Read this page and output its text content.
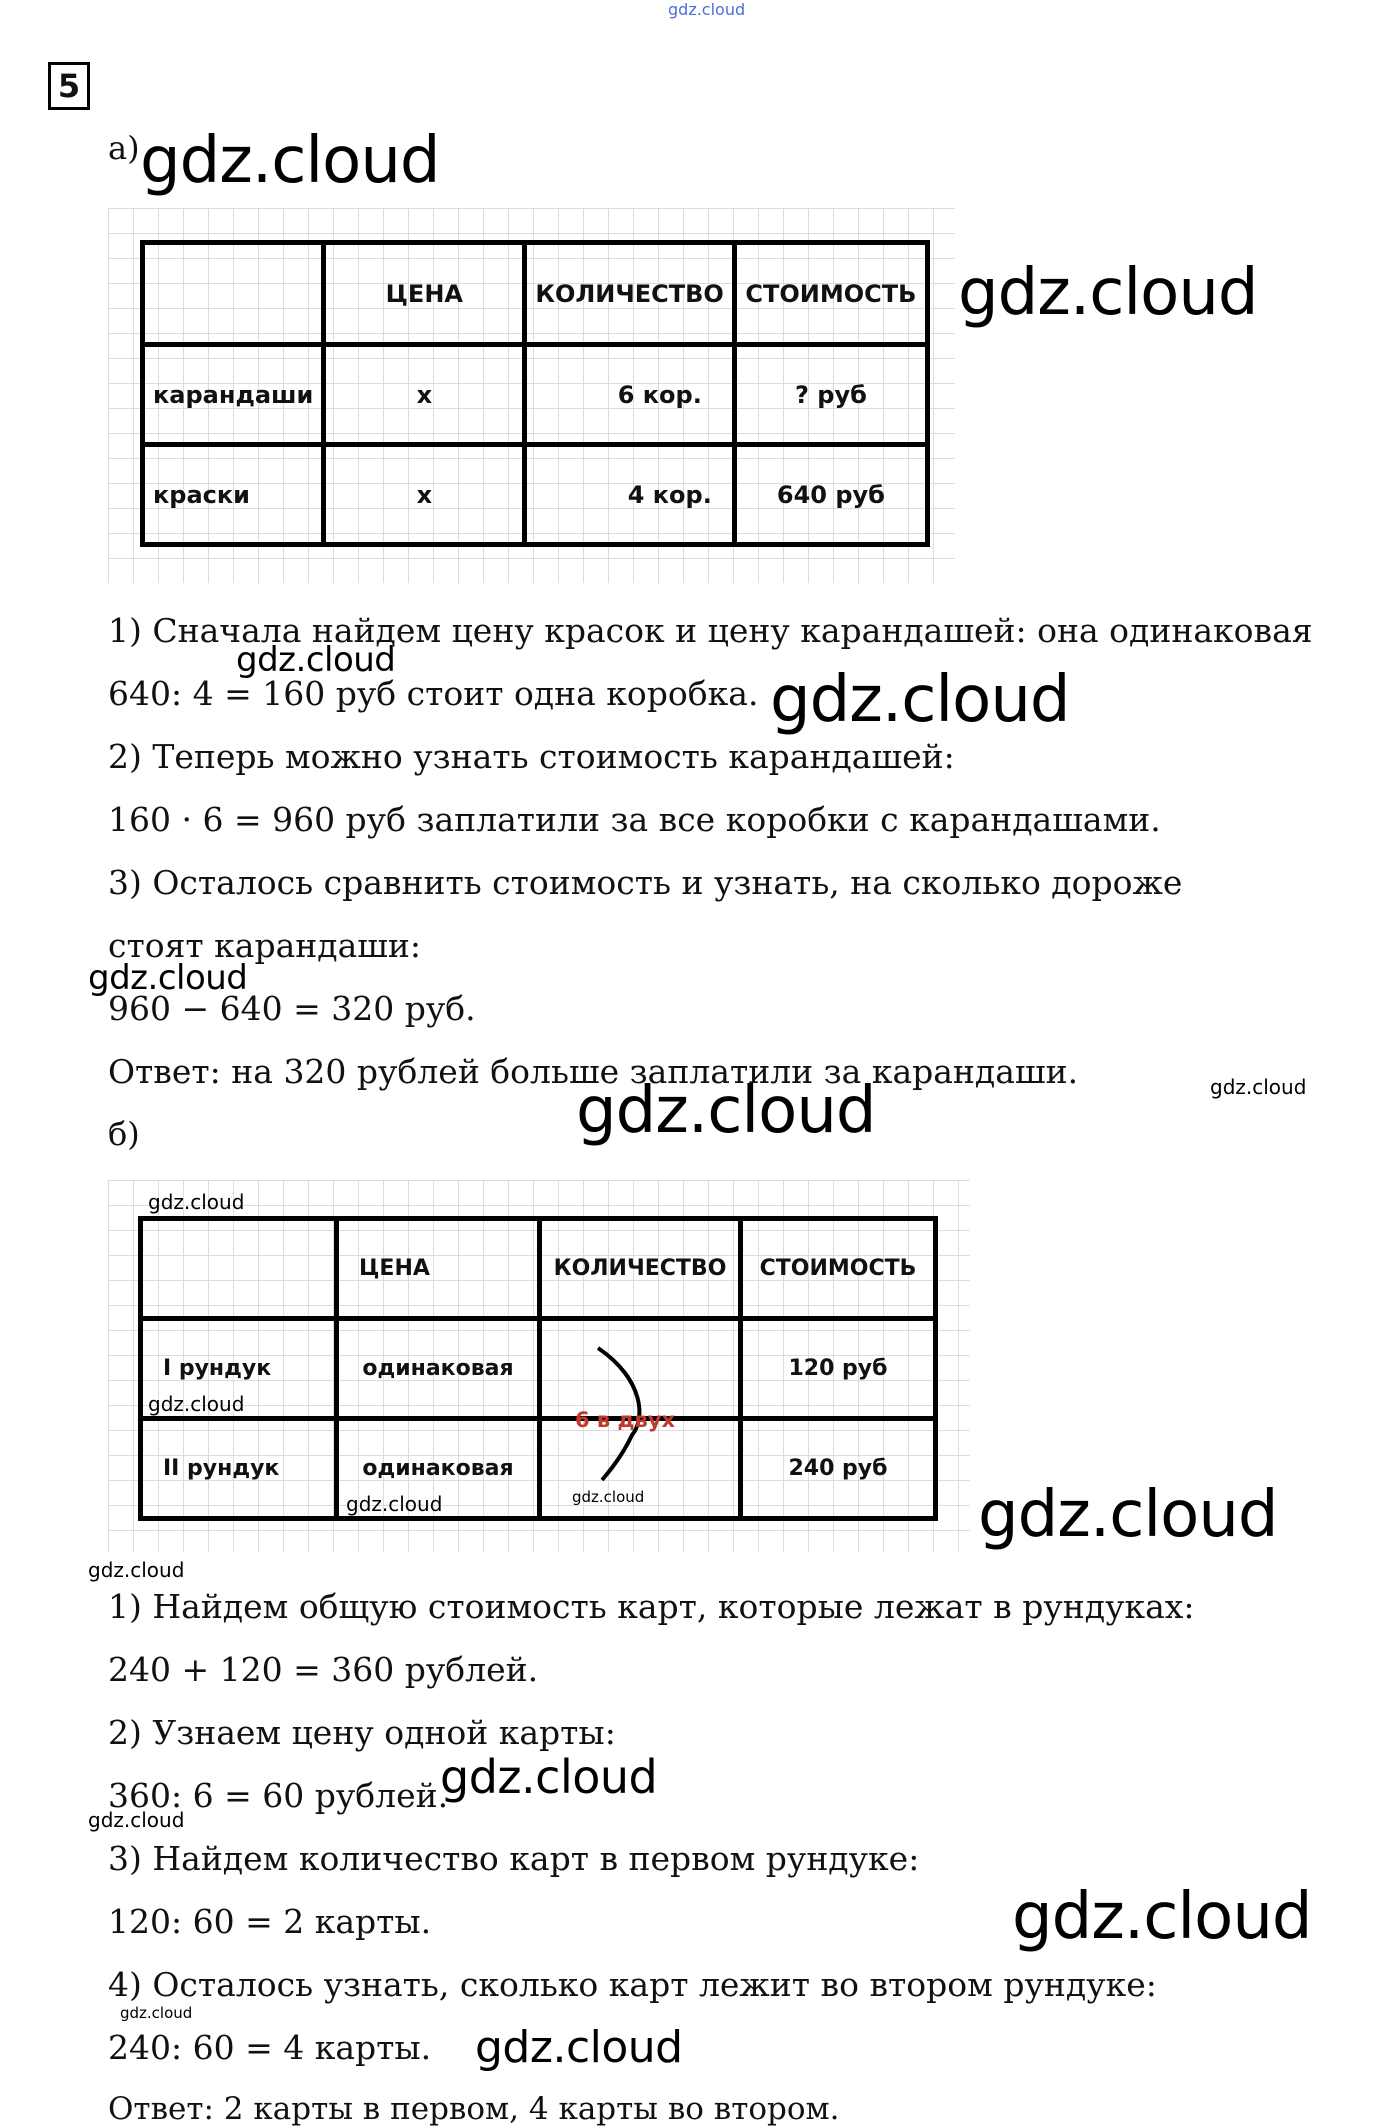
gdz.cloud
5
а) gdz.cloud
	ЦЕНА	КОЛИЧЕСТВО	СТОИМОСТЬ
карандаши	х	6 кор.	? руб
краски	х	4 кор.	640 руб
gdz.cloud
1) Сначала найдем цену красок и цену карандашей: она одинаковая
gdz.cloud
640: 4 = 160 руб стоит одна коробка. gdz.cloud
2) Теперь можно узнать стоимость карандашей:
160 · 6 = 960 руб заплатили за все коробки с карандашами.
3) Осталось сравнить стоимость и узнать, на сколько дороже
стоят карандаши:
gdz.cloud
960 − 640 = 320 руб.
Ответ: на 320 рублей больше заплатили за карандаши.	gdz.cloud
б)	gdz.cloud
	ЦЕНА	КОЛИЧЕСТВО	СТОИМОСТЬ
I рундук	одинаковая		120 руб
II рундук	одинаковая		240 руб
6 в двух
gdz.cloud
gdz.cloud
gdz.cloud	gdz.cloud	gdz.cloud
gdz.cloud
1) Найдем общую стоимость карт, которые лежат в рундуках:
240 + 120 = 360 рублей.
2) Узнаем цену одной карты:
gdz.cloud
360: 6 = 60 рублей.
gdz.cloud
3) Найдем количество карт в первом рундуке:
120: 60 = 2 карты.	gdz.cloud
4) Осталось узнать, сколько карт лежит во втором рундуке:
gdz.cloud
240: 60 = 4 карты. gdz.cloud
Ответ: 2 карты в первом, 4 карты во втором.
